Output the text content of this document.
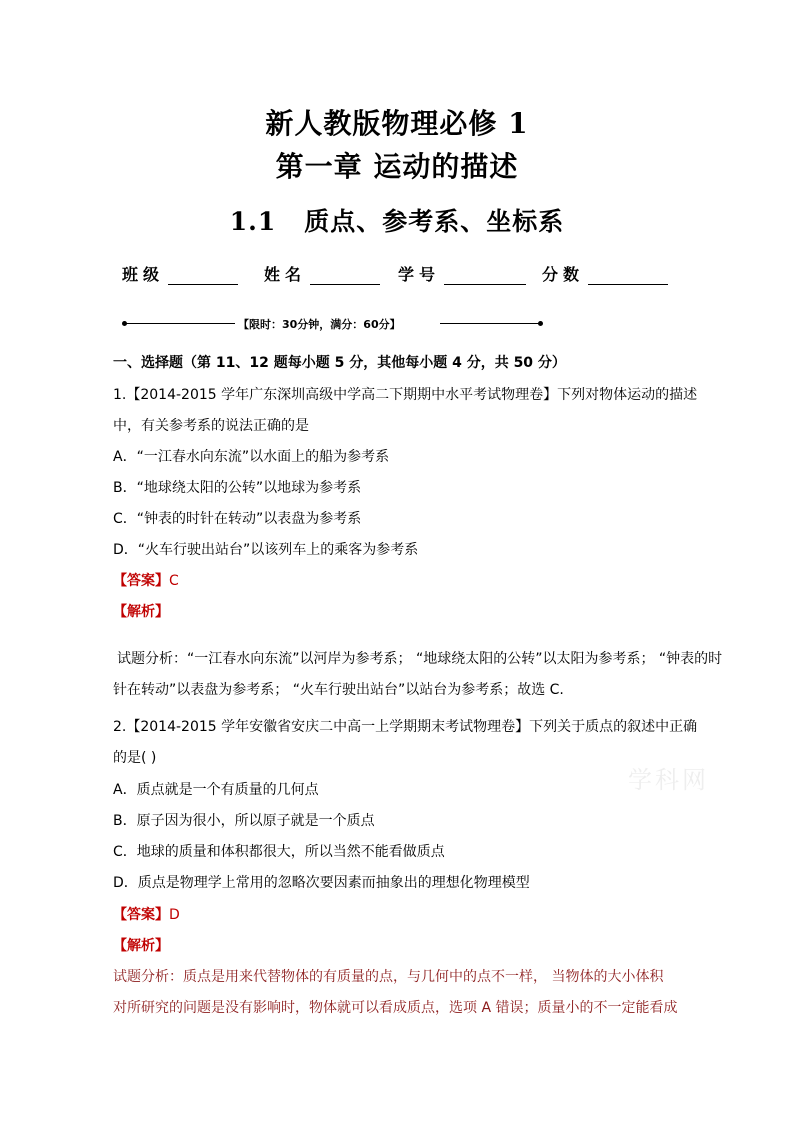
新人教版物理必修 1
第一章 运动的描述
1.1 质点、参考系、坐标系
班级	姓名	学号	分数
【限时：30分钟，满分：60分】
一、选择题（第 11、12 题每小题 5 分，其他每小题 4 分，共 50 分）
1.【2014-2015 学年广东深圳高级中学高二下期期中水平考试物理卷】下列对物体运动的描述
中，有关参考系的说法正确的是
A．“一江春水向东流”以水面上的船为参考系
B．“地球绕太阳的公转”以地球为参考系
C．“钟表的时针在转动”以表盘为参考系
D．“火车行驶出站台”以该列车上的乘客为参考系
【答案】C
【解析】
试题分析：“一江春水向东流”以河岸为参考系； “地球绕太阳的公转”以太阳为参考系； “钟表的时
针在转动”以表盘为参考系； “火车行驶出站台”以站台为参考系；故选 C.
2.【2014-2015 学年安徽省安庆二中高一上学期期末考试物理卷】下列关于质点的叙述中正确
的是( )
A．质点就是一个有质量的几何点
B．原子因为很小，所以原子就是一个质点
C．地球的质量和体积都很大，所以当然不能看做质点
D．质点是物理学上常用的忽略次要因素而抽象出的理想化物理模型
【答案】D
【解析】
试题分析：质点是用来代替物体的有质量的点，与几何中的点不一样， 当物体的大小体积
对所研究的问题是没有影响时，物体就可以看成质点，选项 A 错误；质量小的不一定能看成
学科网
